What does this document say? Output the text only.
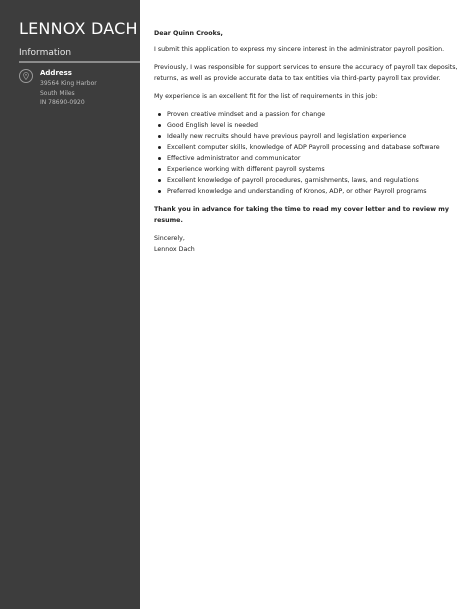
LENNOX DACH
Information
Address
39564 King Harbor
South Miles
IN 78690-0920

Dear Quinn Crooks,

I submit this application to express my sincere interest in the administrator payroll position.

Previously, I was responsible for support services to ensure the accuracy of payroll tax deposits, returns, as well as provide accurate data to tax entities via third-party payroll tax provider.

My experience is an excellent fit for the list of requirements in this job:

Proven creative mindset and a passion for change
Good English level is needed
Ideally new recruits should have previous payroll and legislation experience
Excellent computer skills, knowledge of ADP Payroll processing and database software
Effective administrator and communicator
Experience working with different payroll systems
Excellent knowledge of payroll procedures, garnishments, laws, and regulations
Preferred knowledge and understanding of Kronos, ADP, or other Payroll programs

Thank you in advance for taking the time to read my cover letter and to review my resume.

Sincerely,

Lennox Dach
